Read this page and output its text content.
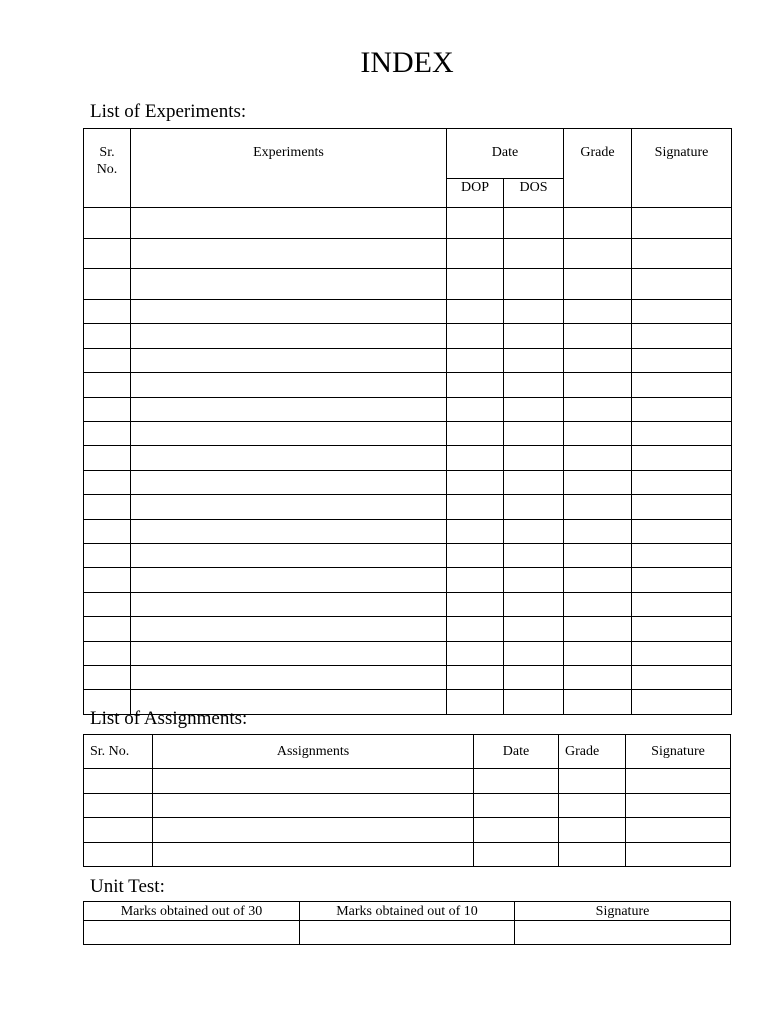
INDEX
List of Experiments:
Sr.
No.	Experiments	Date		Grade	Signature
		DOP	DOS		

List of Assignments:
Sr. No.	Assignments	Date	Grade	Signature

Unit Test:
Marks obtained out of 30	Marks obtained out of 10	Signature
